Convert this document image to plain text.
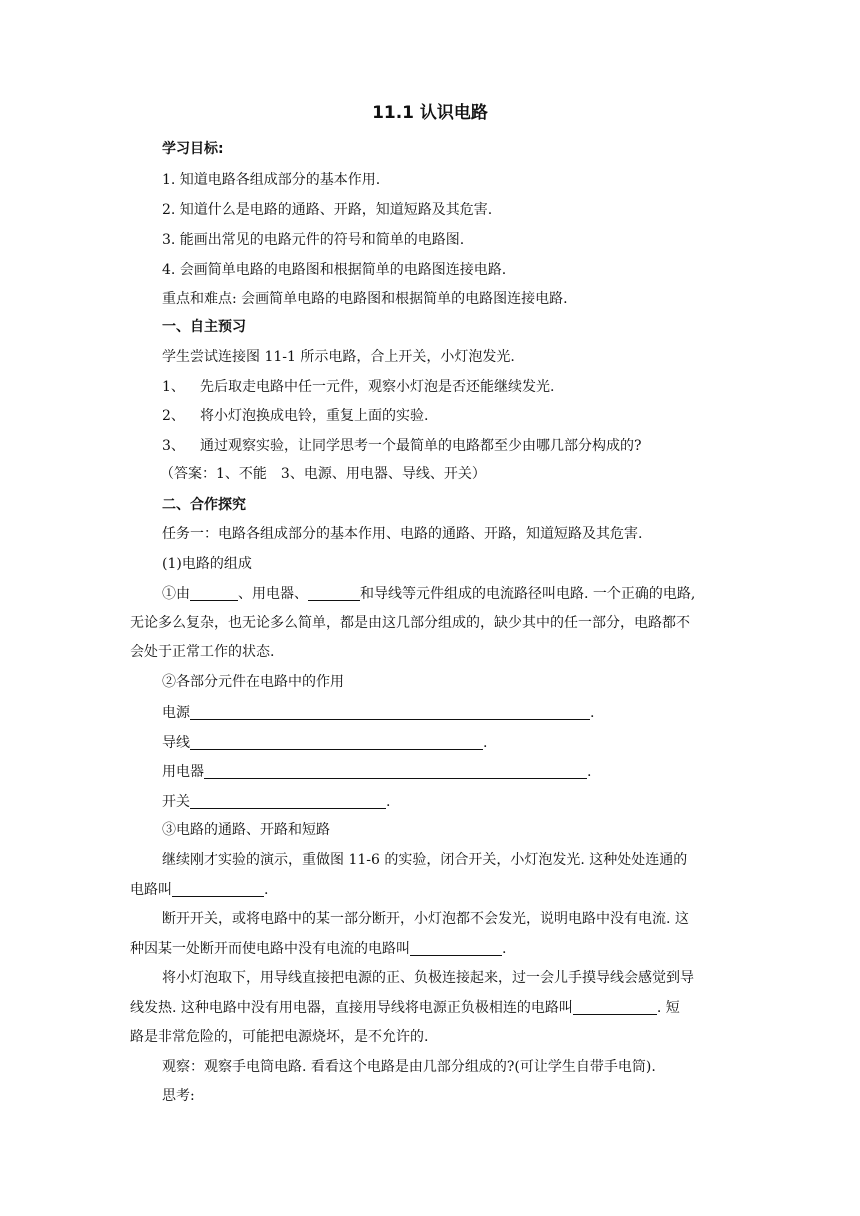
11.1 认识电路
学习目标:
1. 知道电路各组成部分的基本作用.
2. 知道什么是电路的通路、开路，知道短路及其危害.
3. 能画出常见的电路元件的符号和简单的电路图.
4. 会画简单电路的电路图和根据简单的电路图连接电路.
重点和难点: 会画简单电路的电路图和根据简单的电路图连接电路.
一、自主预习
学生尝试连接图 11-1 所示电路，合上开关，小灯泡发光.
1、 先后取走电路中任一元件，观察小灯泡是否还能继续发光.
2、 将小灯泡换成电铃，重复上面的实验.
3、 通过观察实验，让同学思考一个最简单的电路都至少由哪几部分构成的?
（答案：1、不能　3、电源、用电器、导线、开关）
二、合作探究
任务一：电路各组成部分的基本作用、电路的通路、开路，知道短路及其危害.
(1)电路的组成
①由	、用电器、	和导线等元件组成的电流路径叫电路. 一个正确的电路,
无论多么复杂，也无论多么简单，都是由这几部分组成的，缺少其中的任一部分，电路都不
会处于正常工作的状态.
②各部分元件在电路中的作用
电源	.
导线	.
用电器	.
开关	.
③电路的通路、开路和短路
继续刚才实验的演示，重做图 11-6 的实验，闭合开关，小灯泡发光. 这种处处连通的
电路叫	.
断开开关，或将电路中的某一部分断开，小灯泡都不会发光，说明电路中没有电流. 这
种因某一处断开而使电路中没有电流的电路叫	.
将小灯泡取下，用导线直接把电源的正、负极连接起来，过一会儿手摸导线会感觉到导
线发热. 这种电路中没有用电器，直接用导线将电源正负极相连的电路叫	. 短
路是非常危险的，可能把电源烧坏，是不允许的.
观察：观察手电筒电路. 看看这个电路是由几部分组成的?(可让学生自带手电筒).
思考:
